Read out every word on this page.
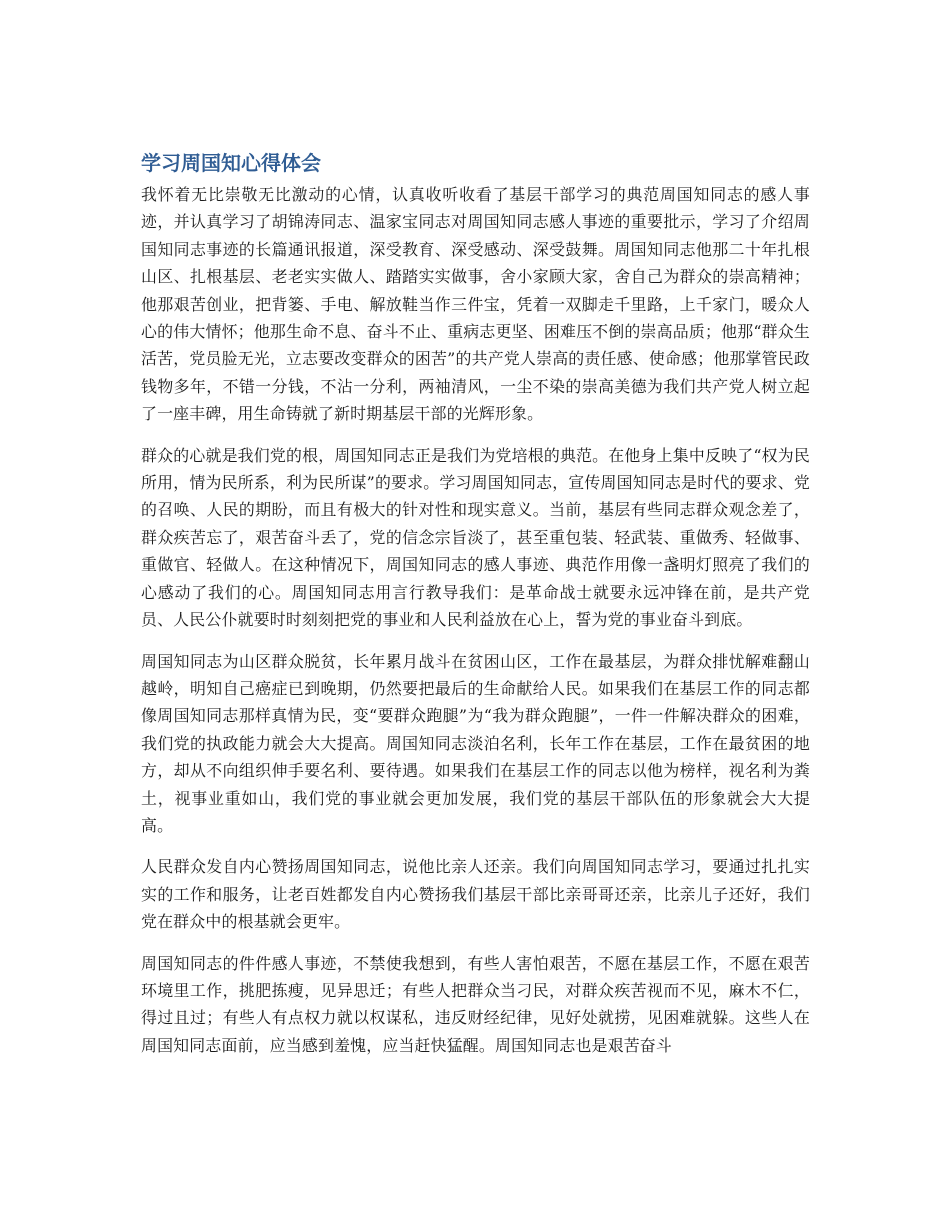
学习周国知心得体会

我怀着无比崇敬无比激动的心情，认真收听收看了基层干部学习的典范周国知同志的感人事迹，并认真学习了胡锦涛同志、温家宝同志对周国知同志感人事迹的重要批示，学习了介绍周国知同志事迹的长篇通讯报道，深受教育、深受感动、深受鼓舞。周国知同志他那二十年扎根山区、扎根基层、老老实实做人、踏踏实实做事，舍小家顾大家，舍自己为群众的崇高精神；他那艰苦创业，把背篓、手电、解放鞋当作三件宝，凭着一双脚走千里路，上千家门，暖众人心的伟大情怀；他那生命不息、奋斗不止、重病志更坚、困难压不倒的崇高品质；他那“群众生活苦，党员脸无光，立志要改变群众的困苦”的共产党人崇高的责任感、使命感；他那掌管民政钱物多年，不错一分钱，不沾一分利，两袖清风，一尘不染的崇高美德为我们共产党人树立起了一座丰碑，用生命铸就了新时期基层干部的光辉形象。

群众的心就是我们党的根，周国知同志正是我们为党培根的典范。在他身上集中反映了“权为民所用，情为民所系，利为民所谋”的要求。学习周国知同志，宣传周国知同志是时代的要求、党的召唤、人民的期盼，而且有极大的针对性和现实意义。当前，基层有些同志群众观念差了，群众疾苦忘了，艰苦奋斗丢了，党的信念宗旨淡了，甚至重包装、轻武装、重做秀、轻做事、重做官、轻做人。在这种情况下，周国知同志的感人事迹、典范作用像一盏明灯照亮了我们的心感动了我们的心。周国知同志用言行教导我们：是革命战士就要永远冲锋在前，是共产党员、人民公仆就要时时刻刻把党的事业和人民利益放在心上，誓为党的事业奋斗到底。

周国知同志为山区群众脱贫，长年累月战斗在贫困山区，工作在最基层，为群众排忧解难翻山越岭，明知自己癌症已到晚期，仍然要把最后的生命献给人民。如果我们在基层工作的同志都像周国知同志那样真情为民，变“要群众跑腿”为“我为群众跑腿”，一件一件解决群众的困难，我们党的执政能力就会大大提高。周国知同志淡泊名利，长年工作在基层，工作在最贫困的地方，却从不向组织伸手要名利、要待遇。如果我们在基层工作的同志以他为榜样，视名利为粪土，视事业重如山，我们党的事业就会更加发展，我们党的基层干部队伍的形象就会大大提高。

人民群众发自内心赞扬周国知同志，说他比亲人还亲。我们向周国知同志学习，要通过扎扎实实的工作和服务，让老百姓都发自内心赞扬我们基层干部比亲哥哥还亲，比亲儿子还好，我们党在群众中的根基就会更牢。

周国知同志的件件感人事迹，不禁使我想到，有些人害怕艰苦，不愿在基层工作，不愿在艰苦环境里工作，挑肥拣瘦，见异思迁；有些人把群众当刁民，对群众疾苦视而不见，麻木不仁，得过且过；有些人有点权力就以权谋私，违反财经纪律，见好处就捞，见困难就躲。这些人在周国知同志面前，应当感到羞愧，应当赶快猛醒。周国知同志也是艰苦奋斗
